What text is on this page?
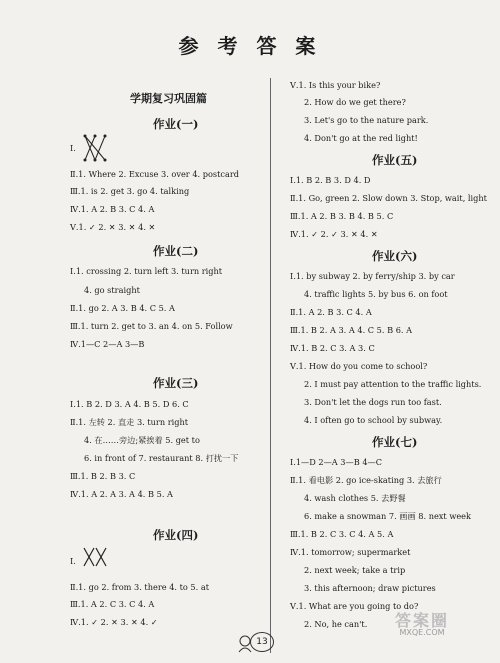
参 考 答 案
学期复习巩固篇
作业(一)
Ⅰ.
Ⅱ.1. Where 2. Excuse 3. over 4. postcard
Ⅲ.1. is 2. get 3. go 4. talking
Ⅳ.1. A 2. B 3. C 4. A
Ⅴ.1. ✓ 2. ✕ 3. ✕ 4. ✕
作业(二)
Ⅰ.1. crossing 2. turn left 3. turn right
4. go straight
Ⅱ.1. go 2. A 3. B 4. C 5. A
Ⅲ.1. turn 2. get to 3. an 4. on 5. Follow
Ⅳ.1—C 2—A 3—B
作业(三)
Ⅰ.1. B 2. D 3. A 4. B 5. D 6. C
Ⅱ.1. 左转 2. 直走 3. turn right
4. 在……旁边;紧挨着 5. get to
6. in front of 7. restaurant 8. 打扰一下
Ⅲ.1. B 2. B 3. C
Ⅳ.1. A 2. A 3. A 4. B 5. A
作业(四)
Ⅰ.
Ⅱ.1. go 2. from 3. there 4. to 5. at
Ⅲ.1. A 2. C 3. C 4. A
Ⅳ.1. ✓ 2. ✕ 3. ✕ 4. ✓
Ⅴ.1. Is this your bike?
2. How do we get there?
3. Let's go to the nature park.
4. Don't go at the red light!
作业(五)
Ⅰ.1. B 2. B 3. D 4. D
Ⅱ.1. Go, green 2. Slow down 3. Stop, wait, light
Ⅲ.1. A 2. B 3. B 4. B 5. C
Ⅳ.1. ✓ 2. ✓ 3. ✕ 4. ✕
作业(六)
Ⅰ.1. by subway 2. by ferry/ship 3. by car
4. traffic lights 5. by bus 6. on foot
Ⅱ.1. A 2. B 3. C 4. A
Ⅲ.1. B 2. A 3. A 4. C 5. B 6. A
Ⅳ.1. B 2. C 3. A 3. C
Ⅴ.1. How do you come to school?
2. I must pay attention to the traffic lights.
3. Don't let the dogs run too fast.
4. I often go to school by subway.
作业(七)
Ⅰ.1—D 2—A 3—B 4—C
Ⅱ.1. 看电影 2. go ice-skating 3. 去旅行
4. wash clothes 5. 去野餐
6. make a snowman 7. 画画 8. next week
Ⅲ.1. B 2. C 3. C 4. A 5. A
Ⅳ.1. tomorrow; supermarket
2. next week; take a trip
3. this afternoon; draw pictures
Ⅴ.1. What are you going to do?
2. No, he can't.
13
答案圈
MXQE.COM
